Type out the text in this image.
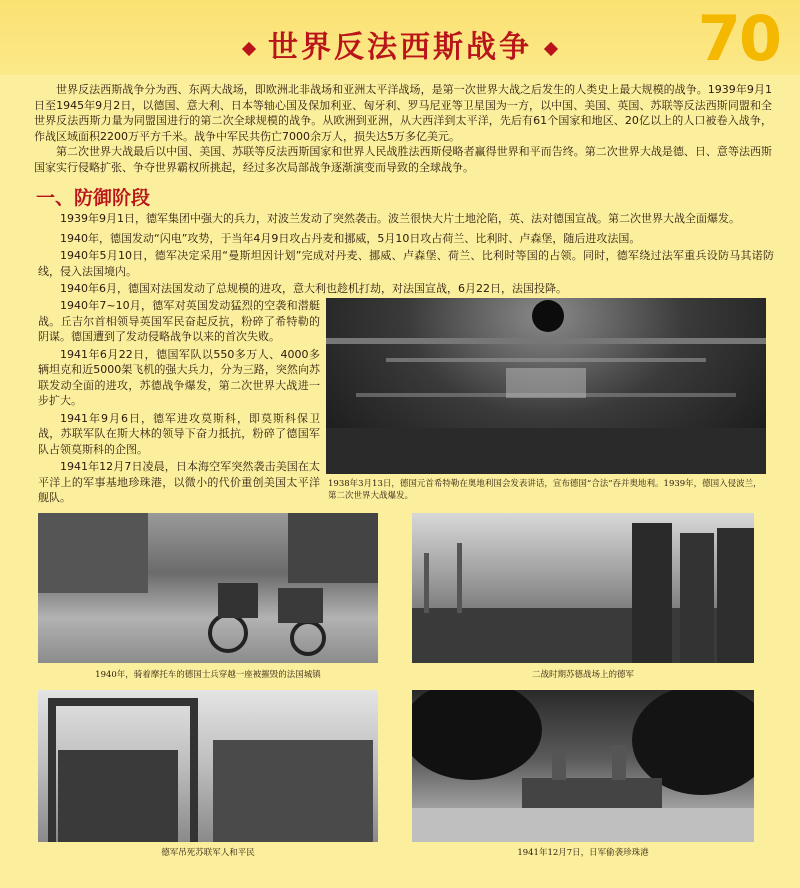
70
世界反法西斯战争

世界反法西斯战争分为西、东两大战场，即欧洲北非战场和亚洲太平洋战场，是第一次世界大战之后发生的人类史上最大规模的战争。1939年9月1日至1945年9月2日，以德国、意大利、日本等轴心国及保加利亚、匈牙利、罗马尼亚等卫星国为一方，以中国、美国、英国、苏联等反法西斯同盟和全世界反法西斯力量为同盟国进行的第二次全球规模的战争。从欧洲到亚洲，从大西洋到太平洋，先后有61个国家和地区、20亿以上的人口被卷入战争，作战区域面积2200万平方千米。战争中军民共伤亡7000余万人，损失达5万多亿美元。

第二次世界大战最后以中国、美国、苏联等反法西斯国家和世界人民战胜法西斯侵略者赢得世界和平而告终。第二次世界大战是德、日、意等法西斯国家实行侵略扩张、争夺世界霸权所挑起，经过多次局部战争逐渐演变而导致的全球战争。

一、防御阶段

1939年9月1日，德军集团中强大的兵力，对波兰发动了突然袭击。波兰很快大片土地沦陷，英、法对德国宣战。第二次世界大战全面爆发。

1940年，德国发动“闪电”攻势，于当年4月9日攻占丹麦和挪威，5月10日攻占荷兰、比利时、卢森堡，随后进攻法国。

1940年5月10日，德军决定采用“曼斯坦因计划”完成对丹麦、挪威、卢森堡、荷兰、比利时等国的占领。同时，德军绕过法军重兵设防马其诺防线，侵入法国境内。

1940年6月，德国对法国发动了总规模的进攻，意大利也趁机打劫，对法国宣战，6月22日，法国投降。

1940年7~10月，德军对英国发动猛烈的空袭和潜艇战。丘吉尔首相领导英国军民奋起反抗，粉碎了希特勒的阴谋。德国遭到了发动侵略战争以来的首次失败。

1941年6月22日，德国军队以550多万人、4000多辆坦克和近5000架飞机的强大兵力，分为三路，突然向苏联发动全面的进攻，苏德战争爆发，第二次世界大战进一步扩大。

1941年9月6日，德军进攻莫斯科，即莫斯科保卫战，苏联军队在斯大林的领导下奋力抵抗，粉碎了德国军队占领莫斯科的企图。

1941年12月7日凌晨，日本海空军突然袭击美国在太平洋上的军事基地珍珠港，以微小的代价重创美国太平洋舰队。

1938年3月13日，德国元首希特勒在奥地利国会发表讲话，宣布德国“合法”吞并奥地利。1939年，德国入侵波兰，第二次世界大战爆发。
1940年，骑着摩托车的德国士兵穿越一座被摧毁的法国城镇	二战时期苏德战场上的德军
德军吊死苏联军人和平民	1941年12月7日，日军偷袭珍珠港
